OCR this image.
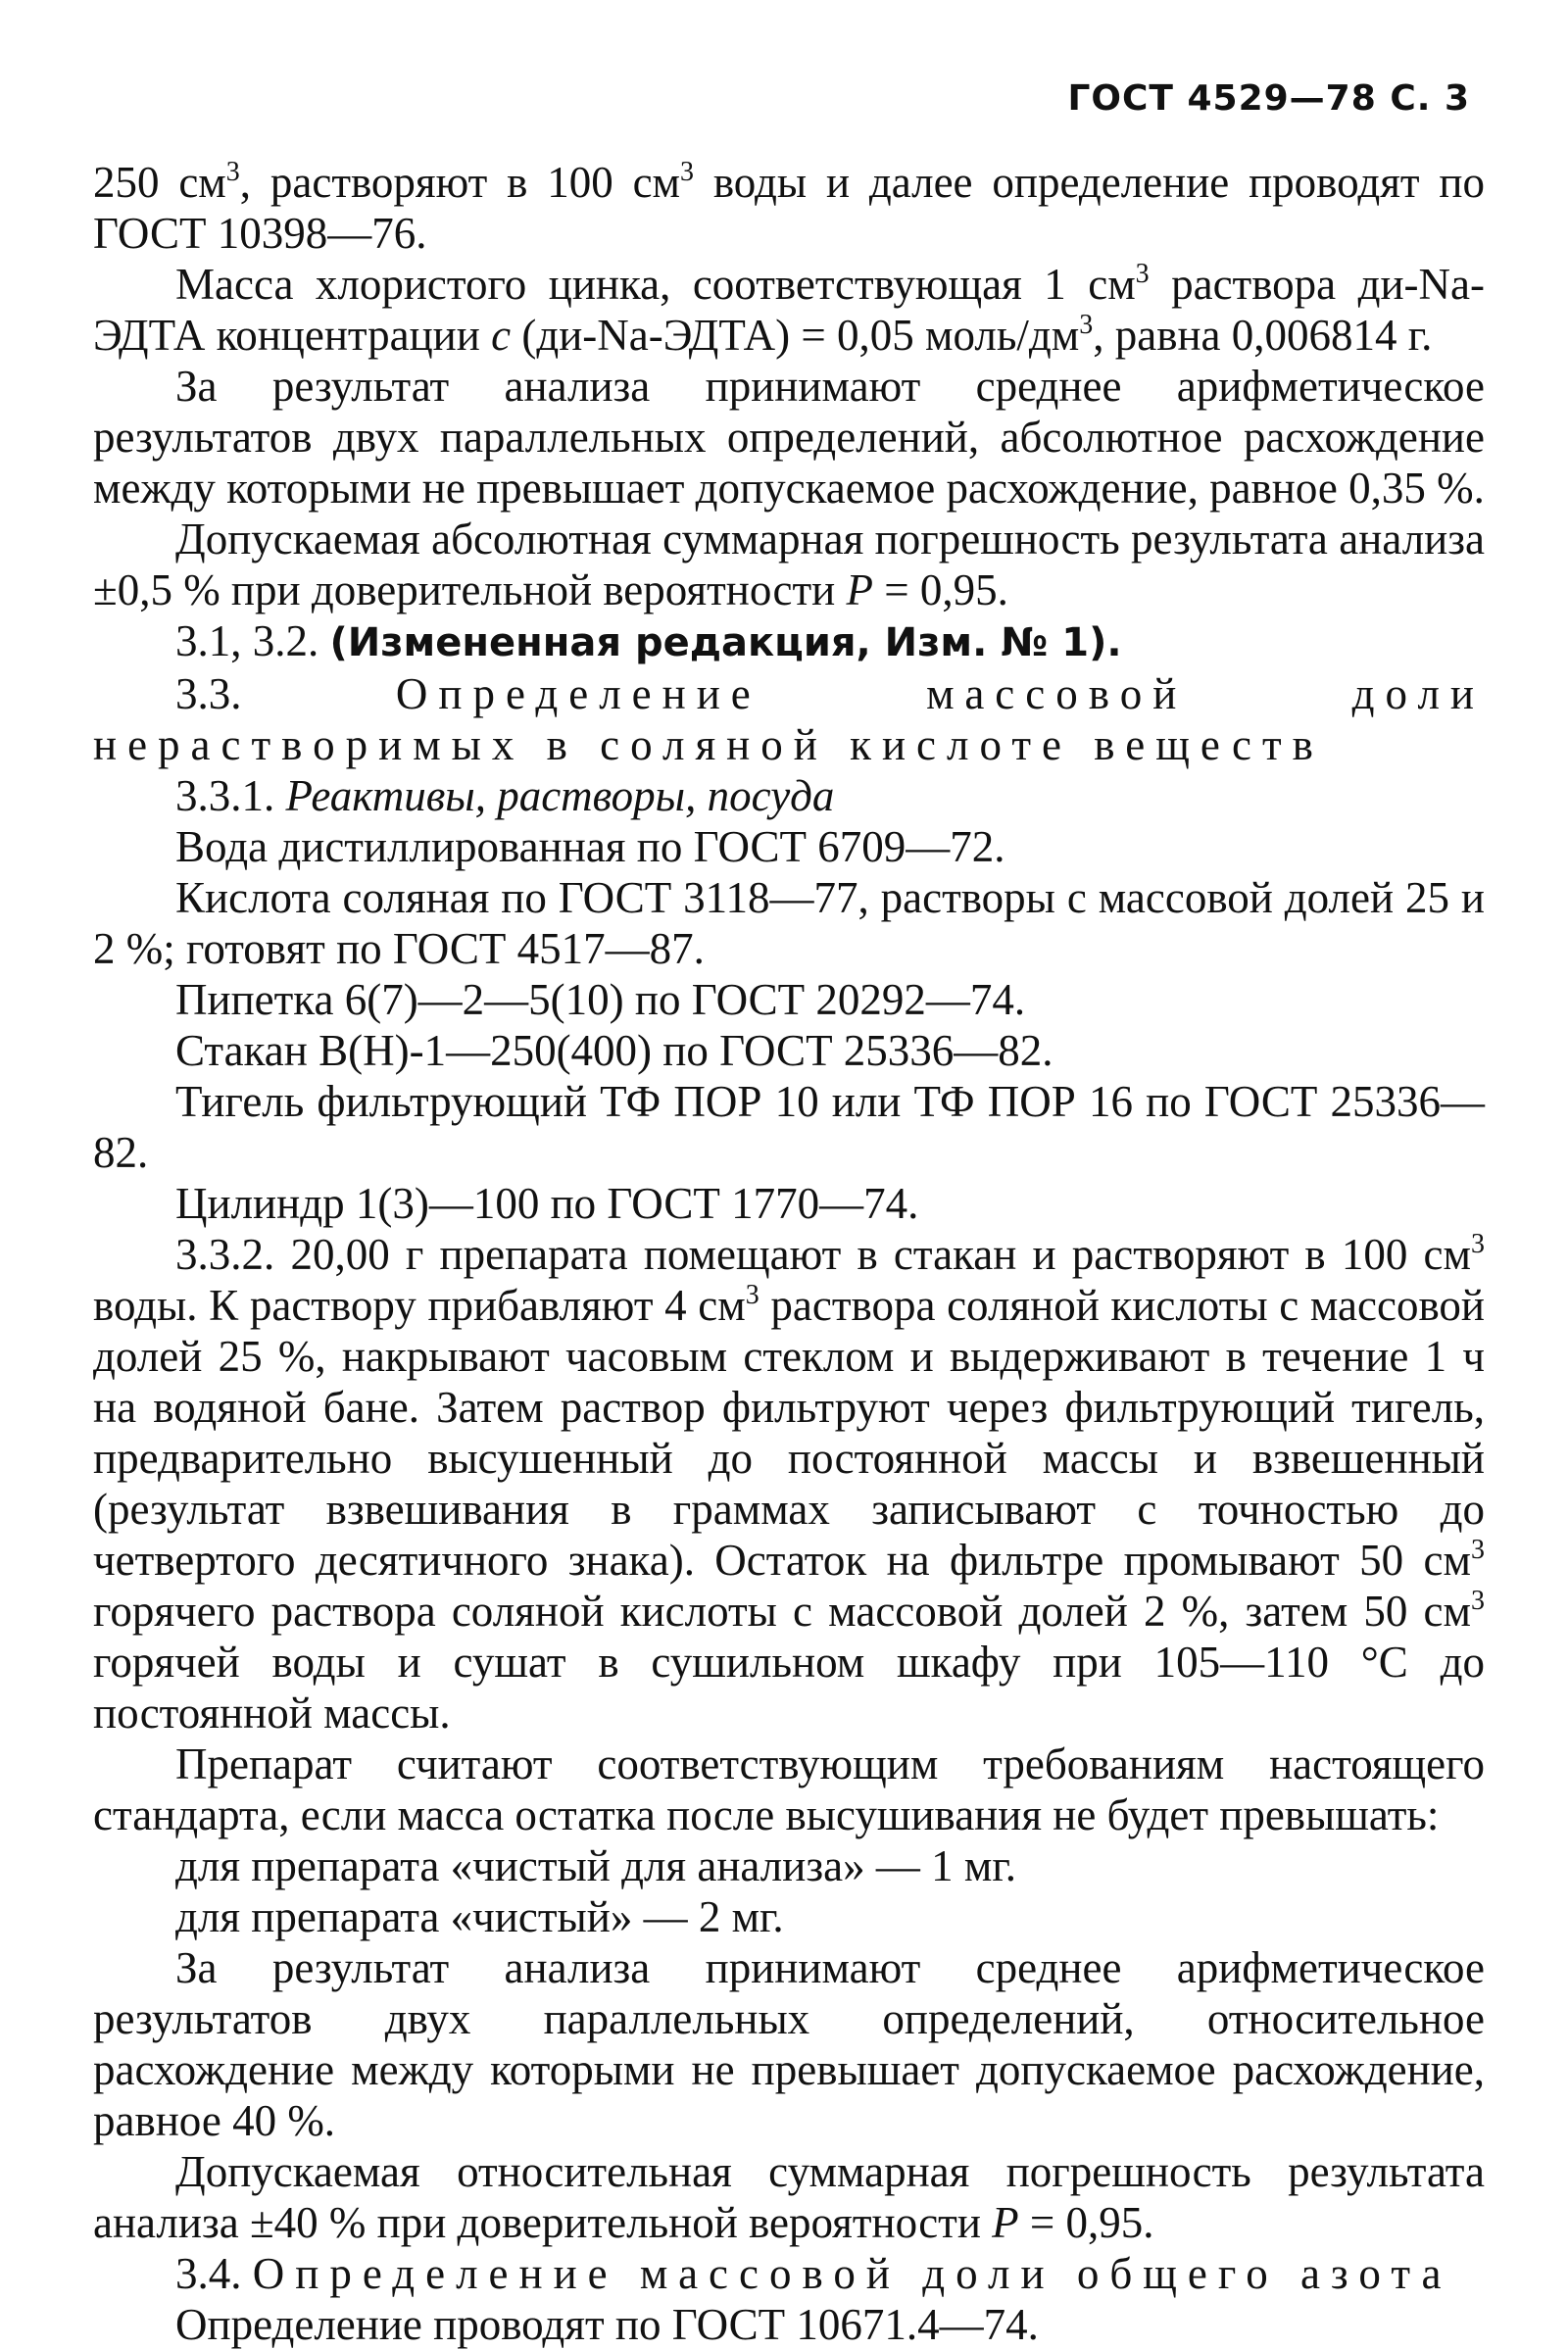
ГОСТ 4529—78 С. 3

250 $см^3$, растворяют в 100 $см^3$ воды и далее определение проводят по ГОСТ 10398—76.

Масса хлористого цинка, соответствующая 1 $см^3$ раствора ди-Na-ЭДТА концентрации с (ди-Na-ЭДТА) = 0,05 моль/$дм^3$, равна 0,006814 г.

За результат анализа принимают среднее арифметическое результатов двух параллельных определений, абсолютное расхождение между которыми не превышает допускаемое расхождение, равное 0,35 %.

Допускаемая абсолютная суммарная погрешность результата анализа ±0,5 % при доверительной вероятности Р = 0,95.

3.1, 3.2. (Измененная редакция, Изм. № 1).

3.3. Определение массовой доли нерастворимых в соляной кислоте веществ

3.3.1. Реактивы, растворы, посуда

Вода дистиллированная по ГОСТ 6709—72.

Кислота соляная по ГОСТ 3118—77, растворы с массовой долей 25 и 2 %; готовят по ГОСТ 4517—87.

Пипетка 6(7)—2—5(10) по ГОСТ 20292—74.

Стакан В(Н)-1—250(400) по ГОСТ 25336—82.

Тигель фильтрующий ТФ ПОР 10 или ТФ ПОР 16 по ГОСТ 25336—82.

Цилиндр 1(3)—100 по ГОСТ 1770—74.

3.3.2. 20,00 г препарата помещают в стакан и растворяют в 100 $см^3$ воды. К раствору прибавляют 4 $см^3$ раствора соляной кислоты с массовой долей 25 %, накрывают часовым стеклом и выдерживают в течение 1 ч на водяной бане. Затем раствор фильтруют через фильтрующий тигель, предварительно высушенный до постоянной массы и взвешенный (результат взвешивания в граммах записывают с точностью до четвертого десятичного знака). Остаток на фильтре промывают 50 $см^3$ горячего раствора соляной кислоты с массовой долей 2 %, затем 50 $см^3$ горячей воды и сушат в сушильном шкафу при 105—110 °С до постоянной массы.

Препарат считают соответствующим требованиям настоящего стандарта, если масса остатка после высушивания не будет превышать:

для препарата «чистый для анализа» — 1 мг.

для препарата «чистый» — 2 мг.

За результат анализа принимают среднее арифметическое результатов двух параллельных определений, относительное расхождение между которыми не превышает допускаемое расхождение, равное 40 %.

Допускаемая относительная суммарная погрешность результата анализа ±40 % при доверительной вероятности Р = 0,95.

3.4. Определение массовой доли общего азота

Определение проводят по ГОСТ 10671.4—74.
